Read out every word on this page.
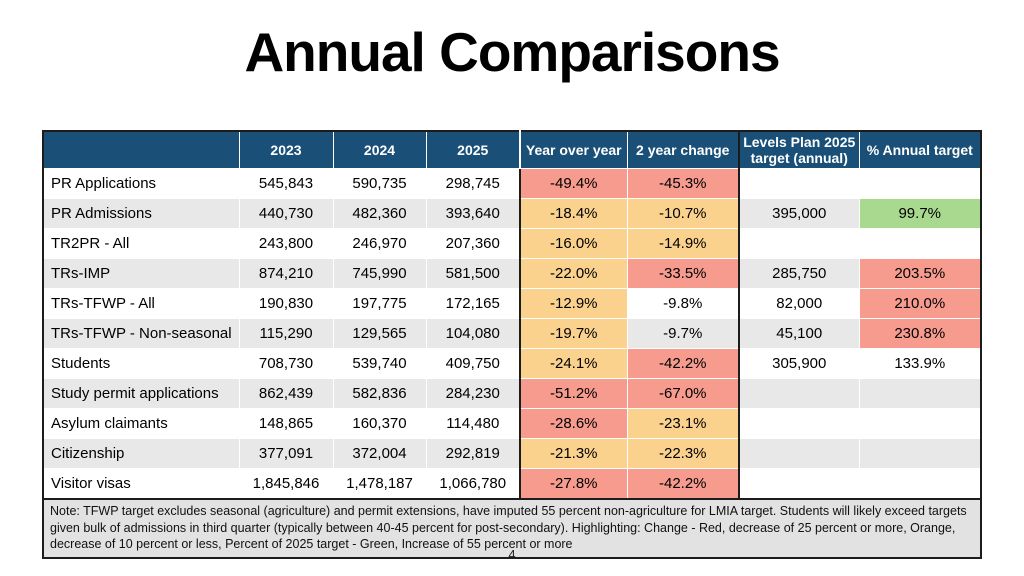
Annual Comparisons
	2023	2024	2025	Year over year	2 year change	Levels Plan 2025 target (annual)	% Annual target
PR Applications	545,843	590,735	298,745	-49.4%	-45.3%		
PR Admissions	440,730	482,360	393,640	-18.4%	-10.7%	395,000	99.7%
TR2PR - All	243,800	246,970	207,360	-16.0%	-14.9%		
TRs-IMP	874,210	745,990	581,500	-22.0%	-33.5%	285,750	203.5%
TRs-TFWP - All	190,830	197,775	172,165	-12.9%	-9.8%	82,000	210.0%
TRs-TFWP - Non-seasonal	115,290	129,565	104,080	-19.7%	-9.7%	45,100	230.8%
Students	708,730	539,740	409,750	-24.1%	-42.2%	305,900	133.9%
Study permit applications	862,439	582,836	284,230	-51.2%	-67.0%		
Asylum claimants	148,865	160,370	114,480	-28.6%	-23.1%		
Citizenship	377,091	372,004	292,819	-21.3%	-22.3%		
Visitor visas	1,845,846	1,478,187	1,066,780	-27.8%	-42.2%		
Note: TFWP target excludes seasonal (agriculture) and permit extensions, have imputed 55 percent non-agriculture for LMIA target. Students will likely exceed targets given bulk of admissions in third quarter (typically between 40-45 percent for post-secondary). Highlighting: Change - Red, decrease of 25 percent or more, Orange, decrease of 10 percent or less, Percent of 2025 target - Green, Increase of 55 percent or more							
4
